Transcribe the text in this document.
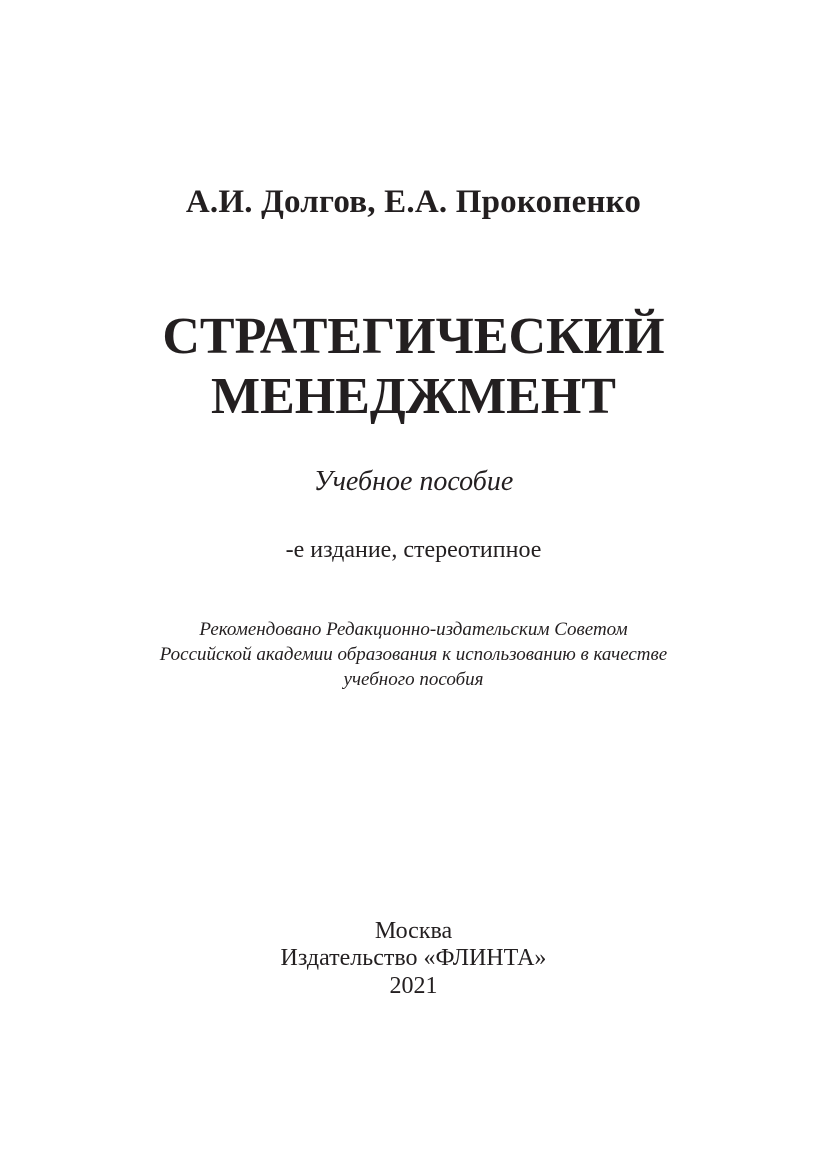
А.И. Долгов, Е.А. Прокопенко
СТРАТЕГИЧЕСКИЙ
МЕНЕДЖМЕНТ
Учебное пособие
-е издание, стереотипное
Рекомендовано Редакционно-издательским Советом
Российской академии образования к использованию в качестве
учебного пособия
Москва
Издательство «ФЛИНТА»
2021
